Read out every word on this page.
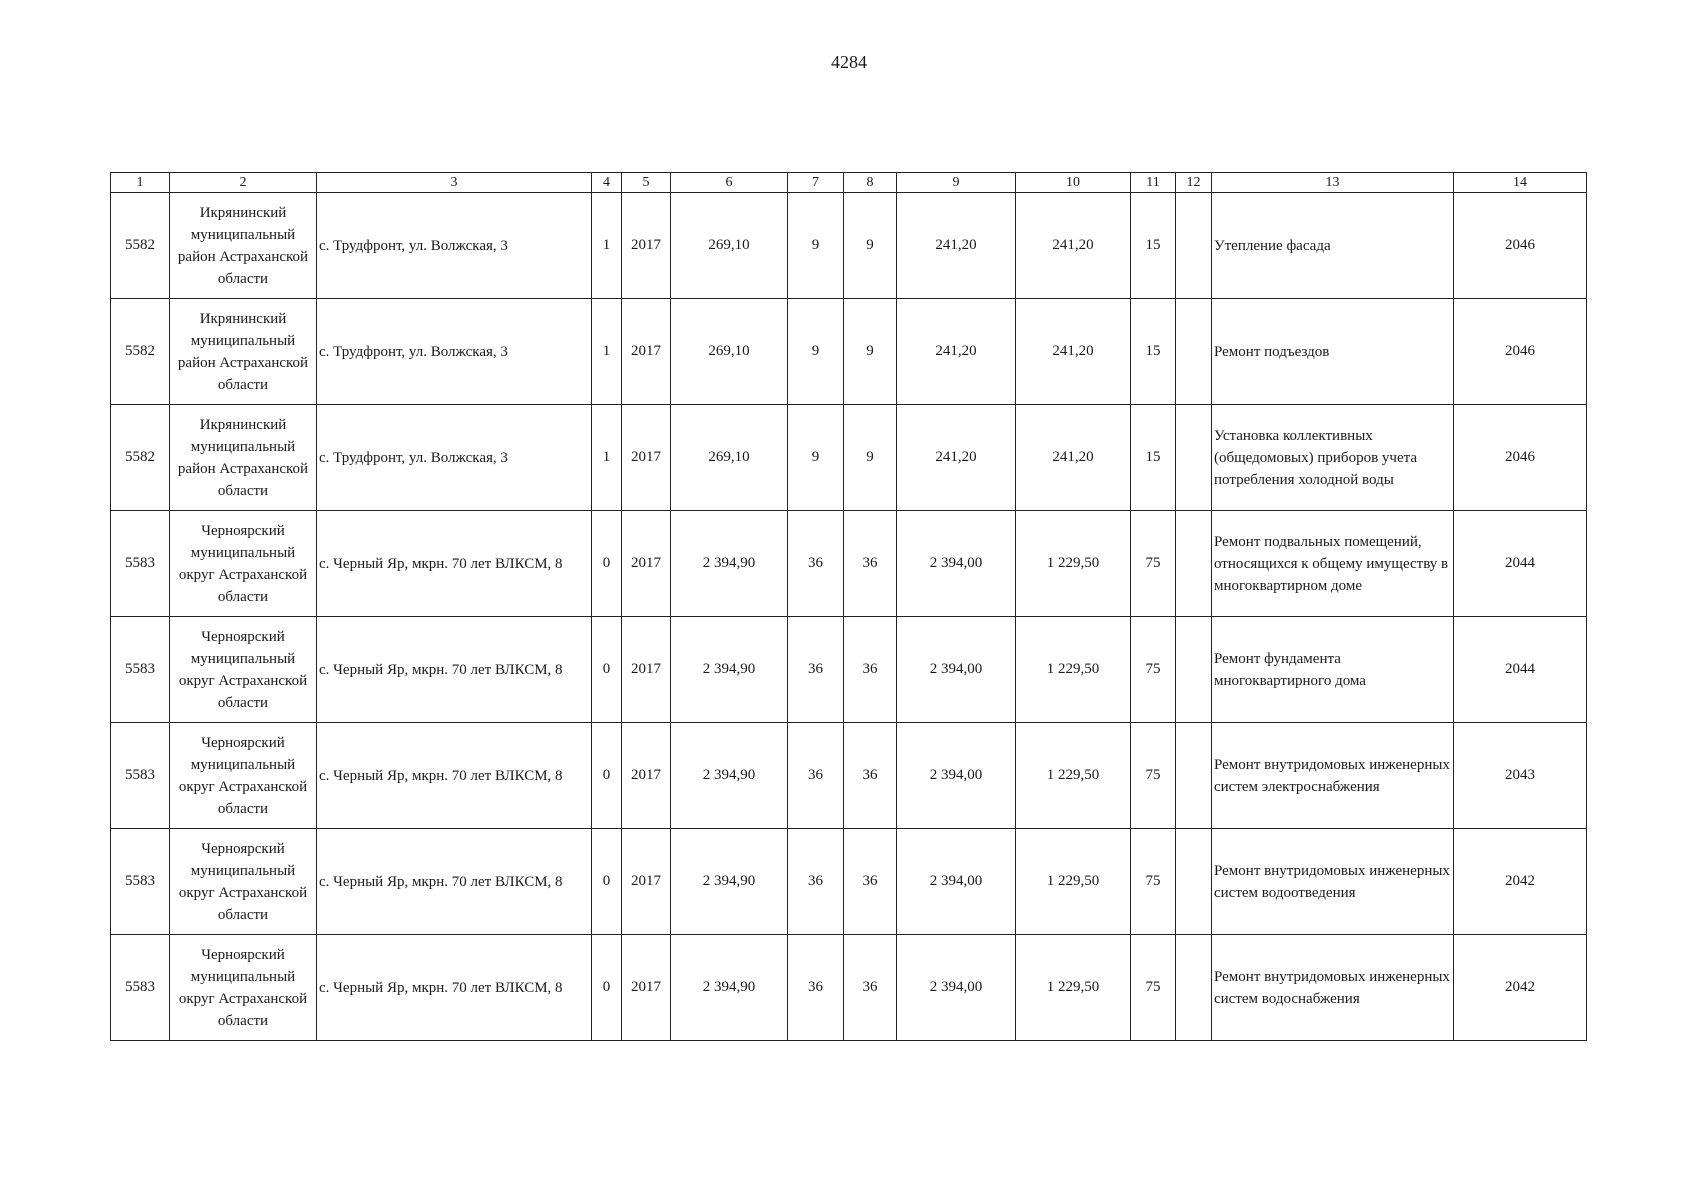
4284
1	2	3	4	5	6	7	8	9	10	11	12	13	14
5582	Икрянинский муниципальный район Астраханской области	с. Трудфронт, ул. Волжская, 3	1	2017	269,10	9	9	241,20	241,20	15		Утепление фасада	2046
5582	Икрянинский муниципальный район Астраханской области	с. Трудфронт, ул. Волжская, 3	1	2017	269,10	9	9	241,20	241,20	15		Ремонт подъездов	2046
5582	Икрянинский муниципальный район Астраханской области	с. Трудфронт, ул. Волжская, 3	1	2017	269,10	9	9	241,20	241,20	15		Установка коллективных (общедомовых) приборов учета потребления холодной воды	2046
5583	Черноярский муниципальный округ Астраханской области	с. Черный Яр, мкрн. 70 лет ВЛКСМ, 8	0	2017	2 394,90	36	36	2 394,00	1 229,50	75		Ремонт подвальных помещений, относящихся к общему имуществу в многоквартирном доме	2044
5583	Черноярский муниципальный округ Астраханской области	с. Черный Яр, мкрн. 70 лет ВЛКСМ, 8	0	2017	2 394,90	36	36	2 394,00	1 229,50	75		Ремонт фундамента многоквартирного дома	2044
5583	Черноярский муниципальный округ Астраханской области	с. Черный Яр, мкрн. 70 лет ВЛКСМ, 8	0	2017	2 394,90	36	36	2 394,00	1 229,50	75		Ремонт внутридомовых инженерных систем электроснабжения	2043
5583	Черноярский муниципальный округ Астраханской области	с. Черный Яр, мкрн. 70 лет ВЛКСМ, 8	0	2017	2 394,90	36	36	2 394,00	1 229,50	75		Ремонт внутридомовых инженерных систем водоотведения	2042
5583	Черноярский муниципальный округ Астраханской области	с. Черный Яр, мкрн. 70 лет ВЛКСМ, 8	0	2017	2 394,90	36	36	2 394,00	1 229,50	75		Ремонт внутридомовых инженерных систем водоснабжения	2042
